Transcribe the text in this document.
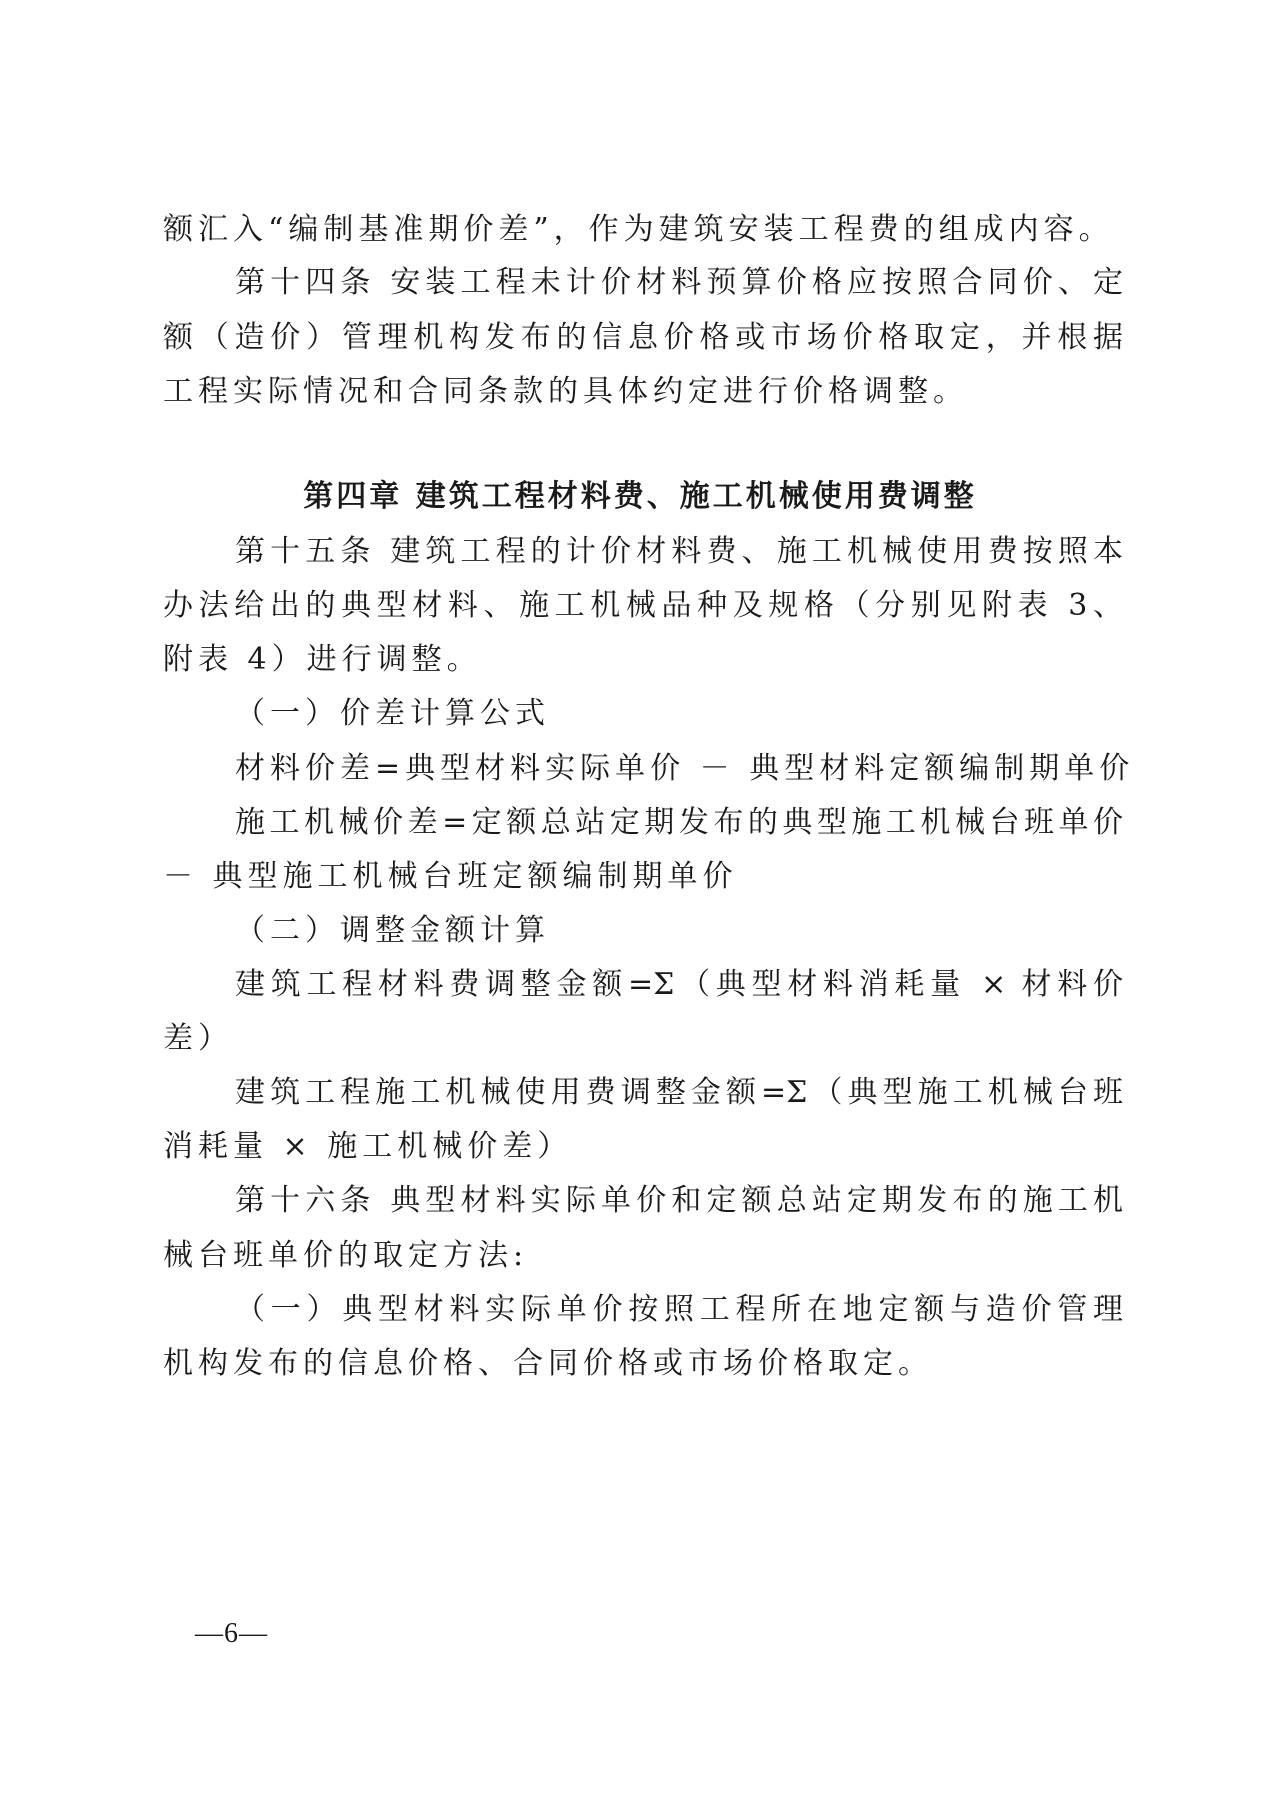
额汇入“编制基准期价差”，作为建筑安装工程费的组成内容。
第十四条 安装工程未计价材料预算价格应按照合同价、定
额（造价）管理机构发布的信息价格或市场价格取定，并根据
工程实际情况和合同条款的具体约定进行价格调整。
第四章 建筑工程材料费、施工机械使用费调整
第十五条 建筑工程的计价材料费、施工机械使用费按照本
办法给出的典型材料、施工机械品种及规格（分别见附表 3、
附表 4）进行调整。
（一）价差计算公式
材料价差=典型材料实际单价 － 典型材料定额编制期单价
施工机械价差=定额总站定期发布的典型施工机械台班单价
－ 典型施工机械台班定额编制期单价
（二）调整金额计算
建筑工程材料费调整金额=Σ（典型材料消耗量 × 材料价
差）
建筑工程施工机械使用费调整金额=Σ（典型施工机械台班
消耗量 × 施工机械价差）
第十六条 典型材料实际单价和定额总站定期发布的施工机
械台班单价的取定方法:
（一）典型材料实际单价按照工程所在地定额与造价管理
机构发布的信息价格、合同价格或市场价格取定。
—6—
